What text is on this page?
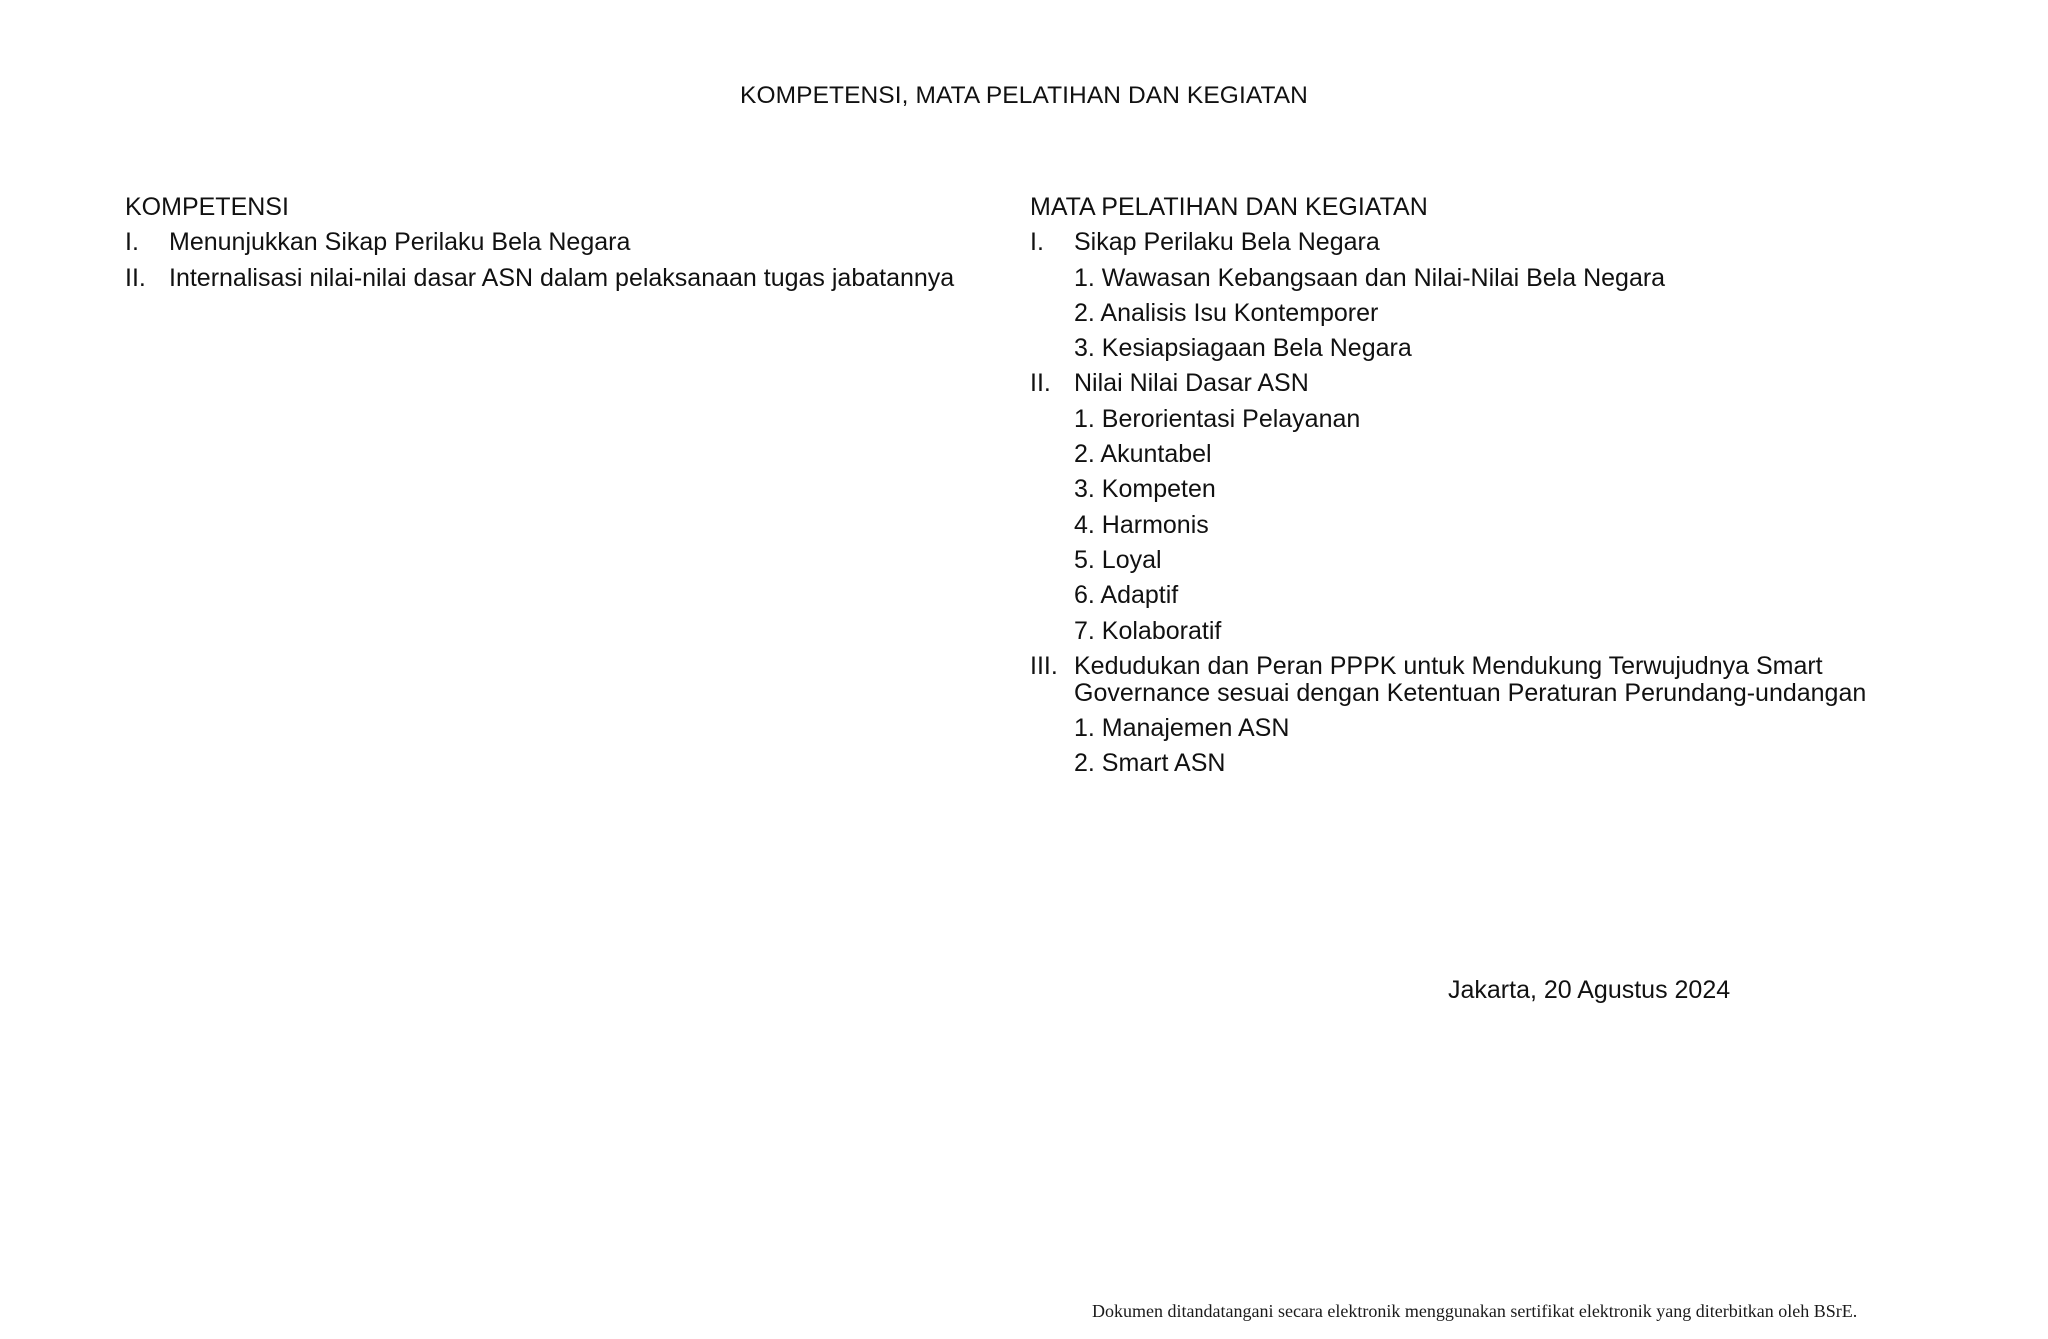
KOMPETENSI, MATA PELATIHAN DAN KEGIATAN
KOMPETENSI
I.	Menunjukkan Sikap Perilaku Bela Negara
II. Internalisasi nilai-nilai dasar ASN dalam pelaksanaan tugas jabatannya
MATA PELATIHAN DAN KEGIATAN
I.	Sikap Perilaku Bela Negara
1. Wawasan Kebangsaan dan Nilai-Nilai Bela Negara
2. Analisis Isu Kontemporer
3. Kesiapsiagaan Bela Negara
II. Nilai Nilai Dasar ASN
1. Berorientasi Pelayanan
2. Akuntabel
3. Kompeten
4. Harmonis
5. Loyal
6. Adaptif
7. Kolaboratif
III. Kedudukan dan Peran PPPK untuk Mendukung Terwujudnya Smart
Governance sesuai dengan Ketentuan Peraturan Perundang-undangan
1. Manajemen ASN
2. Smart ASN
Jakarta, 20 Agustus 2024
Dokumen ditandatangani secara elektronik menggunakan sertifikat elektronik yang diterbitkan oleh BSrE.
